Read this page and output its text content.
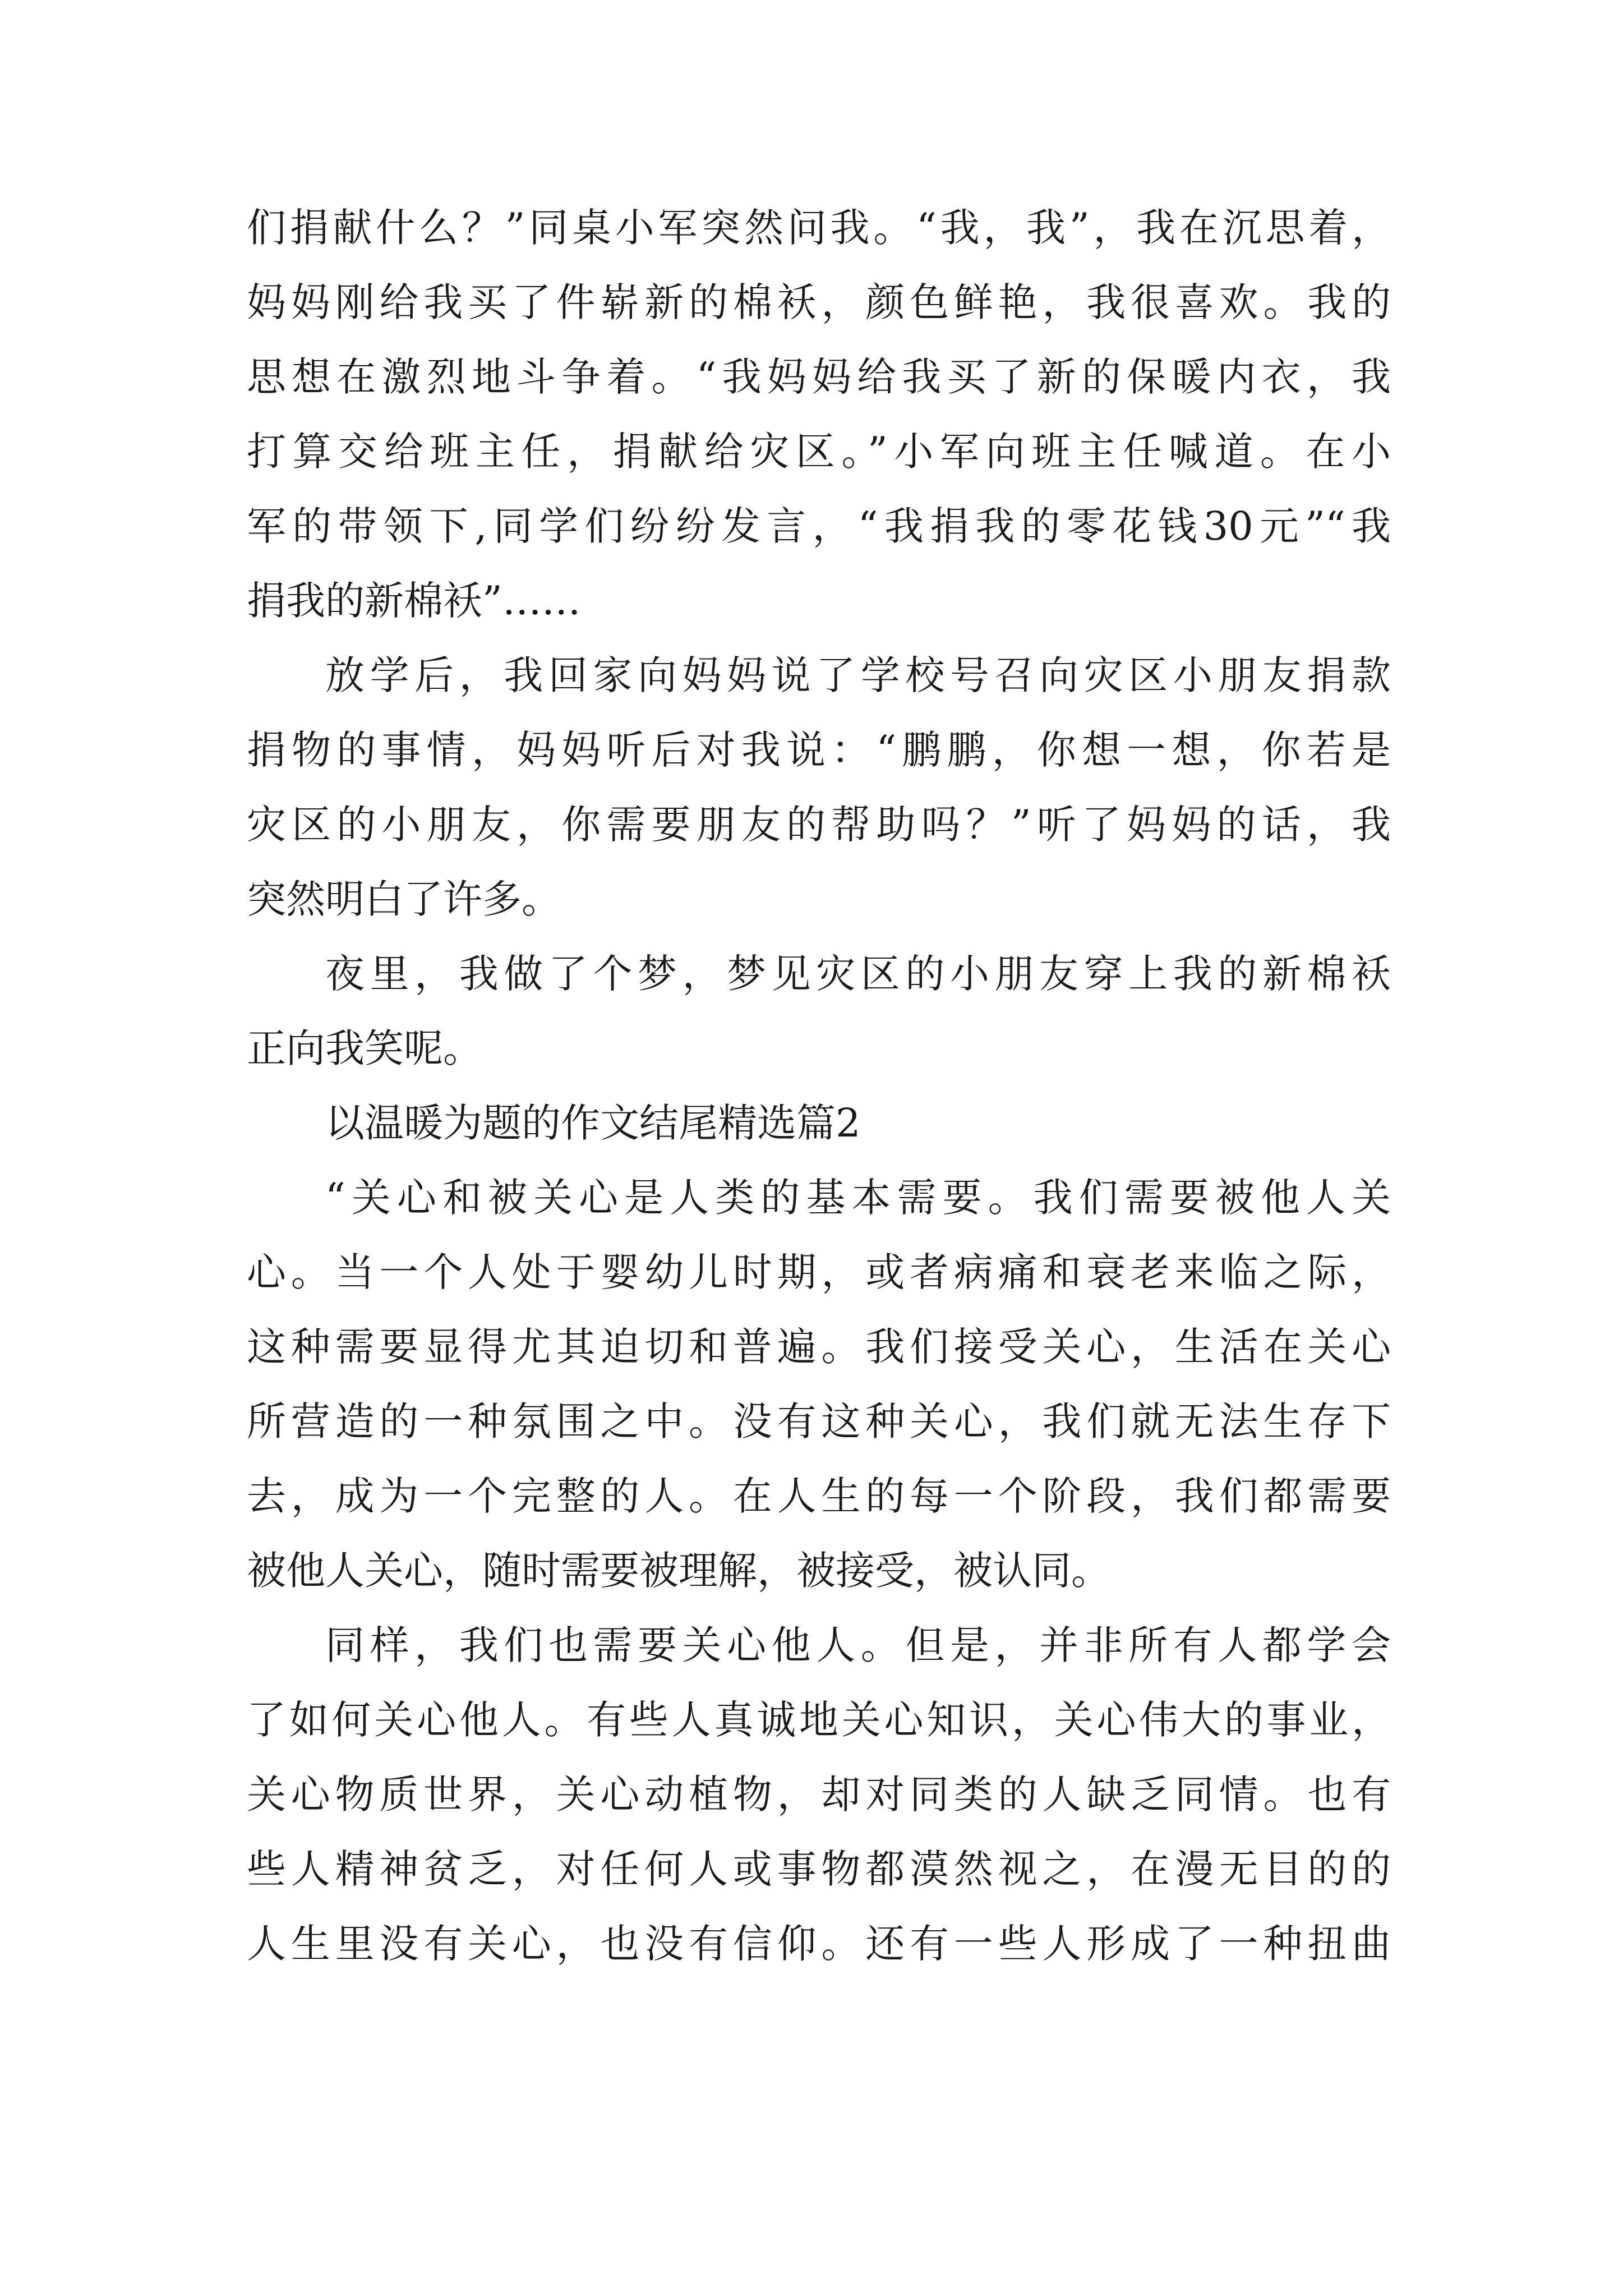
们捐献什么？”同桌小军突然问我。“我，我”，我在沉思着，
妈妈刚给我买了件崭新的棉袄，颜色鲜艳，我很喜欢。我的
思想在激烈地斗争着。“我妈妈给我买了新的保暖内衣，我
打算交给班主任，捐献给灾区。”小军向班主任喊道。在小
军的带领下,同学们纷纷发言，“我捐我的零花钱30元”“我
捐我的新棉袄”……
放学后，我回家向妈妈说了学校号召向灾区小朋友捐款
捐物的事情，妈妈听后对我说：“鹏鹏，你想一想，你若是
灾区的小朋友，你需要朋友的帮助吗？”听了妈妈的话，我
突然明白了许多。
夜里，我做了个梦，梦见灾区的小朋友穿上我的新棉袄
正向我笑呢。
以温暖为题的作文结尾精选篇2
“关心和被关心是人类的基本需要。我们需要被他人关
心。当一个人处于婴幼儿时期，或者病痛和衰老来临之际，
这种需要显得尤其迫切和普遍。我们接受关心，生活在关心
所营造的一种氛围之中。没有这种关心，我们就无法生存下
去，成为一个完整的人。在人生的每一个阶段，我们都需要
被他人关心，随时需要被理解，被接受，被认同。
同样，我们也需要关心他人。但是，并非所有人都学会
了如何关心他人。有些人真诚地关心知识，关心伟大的事业，
关心物质世界，关心动植物，却对同类的人缺乏同情。也有
些人精神贫乏，对任何人或事物都漠然视之，在漫无目的的
人生里没有关心，也没有信仰。还有一些人形成了一种扭曲
